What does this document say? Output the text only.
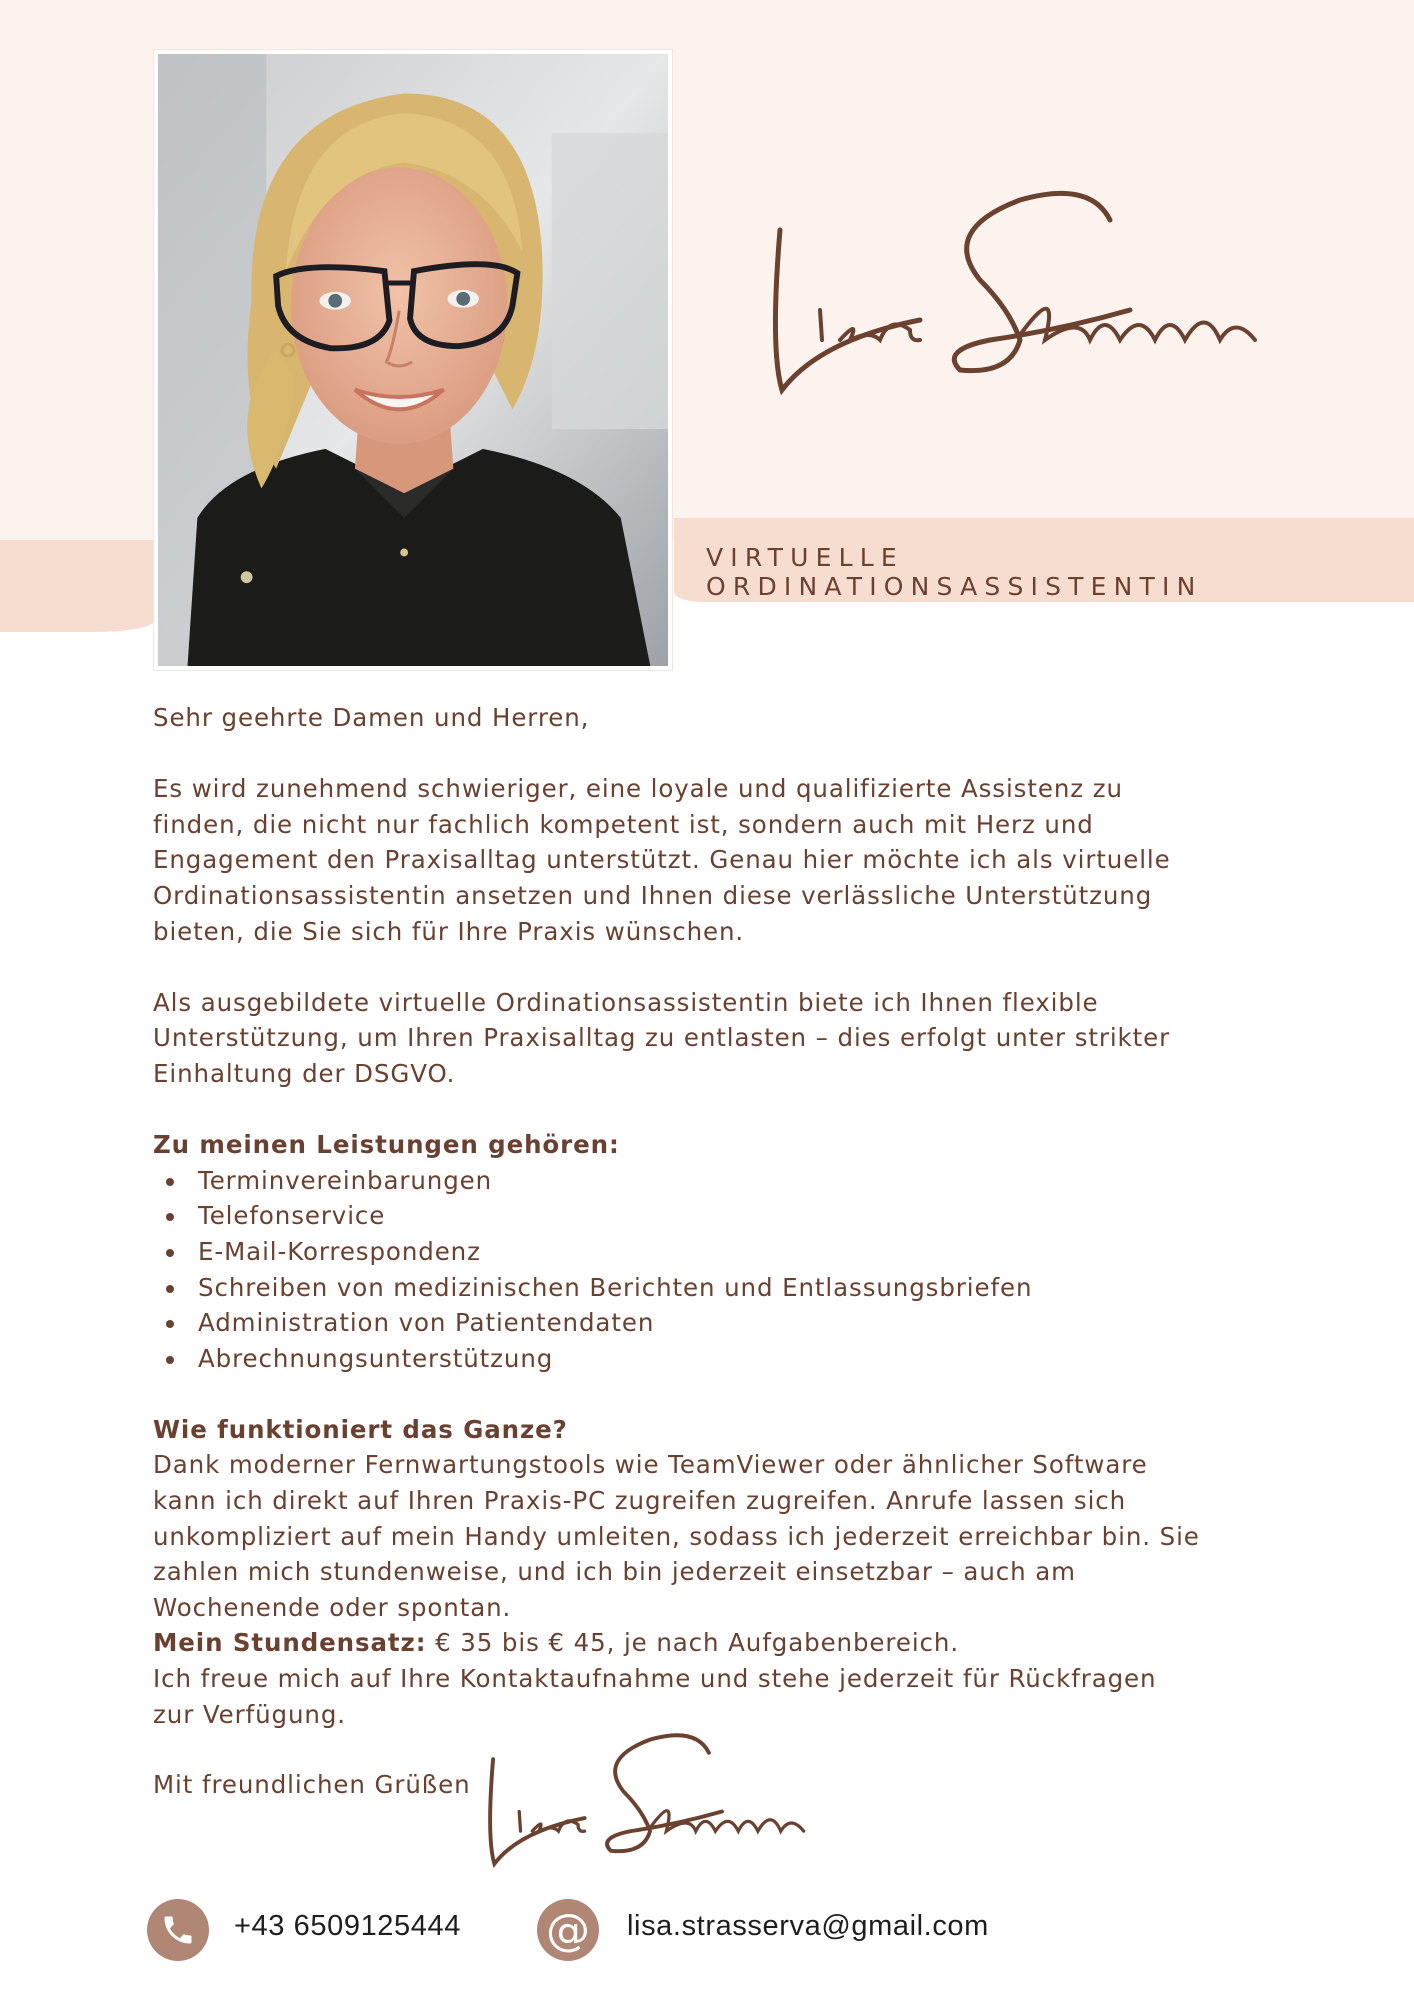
VIRTUELLE ORDINATIONSASSISTENTIN

Sehr geehrte Damen und Herren,

Es wird zunehmend schwieriger, eine loyale und qualifizierte Assistenz zu finden, die nicht nur fachlich kompetent ist, sondern auch mit Herz und Engagement den Praxisalltag unterstützt. Genau hier möchte ich als virtuelle Ordinationsassistentin ansetzen und Ihnen diese verlässliche Unterstützung bieten, die Sie sich für Ihre Praxis wünschen.

Als ausgebildete virtuelle Ordinationsassistentin biete ich Ihnen flexible Unterstützung, um Ihren Praxisalltag zu entlasten – dies erfolgt unter strikter Einhaltung der DSGVO.

Zu meinen Leistungen gehören:

Terminvereinbarungen
Telefonservice
E-Mail-Korrespondenz
Schreiben von medizinischen Berichten und Entlassungsbriefen
Administration von Patientendaten
Abrechnungsunterstützung

Wie funktioniert das Ganze?

Dank moderner Fernwartungstools wie TeamViewer oder ähnlicher Software kann ich direkt auf Ihren Praxis-PC zugreifen zugreifen. Anrufe lassen sich unkompliziert auf mein Handy umleiten, sodass ich jederzeit erreichbar bin. Sie zahlen mich stundenweise, und ich bin jederzeit einsetzbar – auch am Wochenende oder spontan.

Mein Stundensatz: € 35 bis € 45, je nach Aufgabenbereich.

Ich freue mich auf Ihre Kontaktaufnahme und stehe jederzeit für Rückfragen zur Verfügung.

Mit freundlichen Grüßen
+43 6509125444 @ lisa.strasserva@gmail.com
